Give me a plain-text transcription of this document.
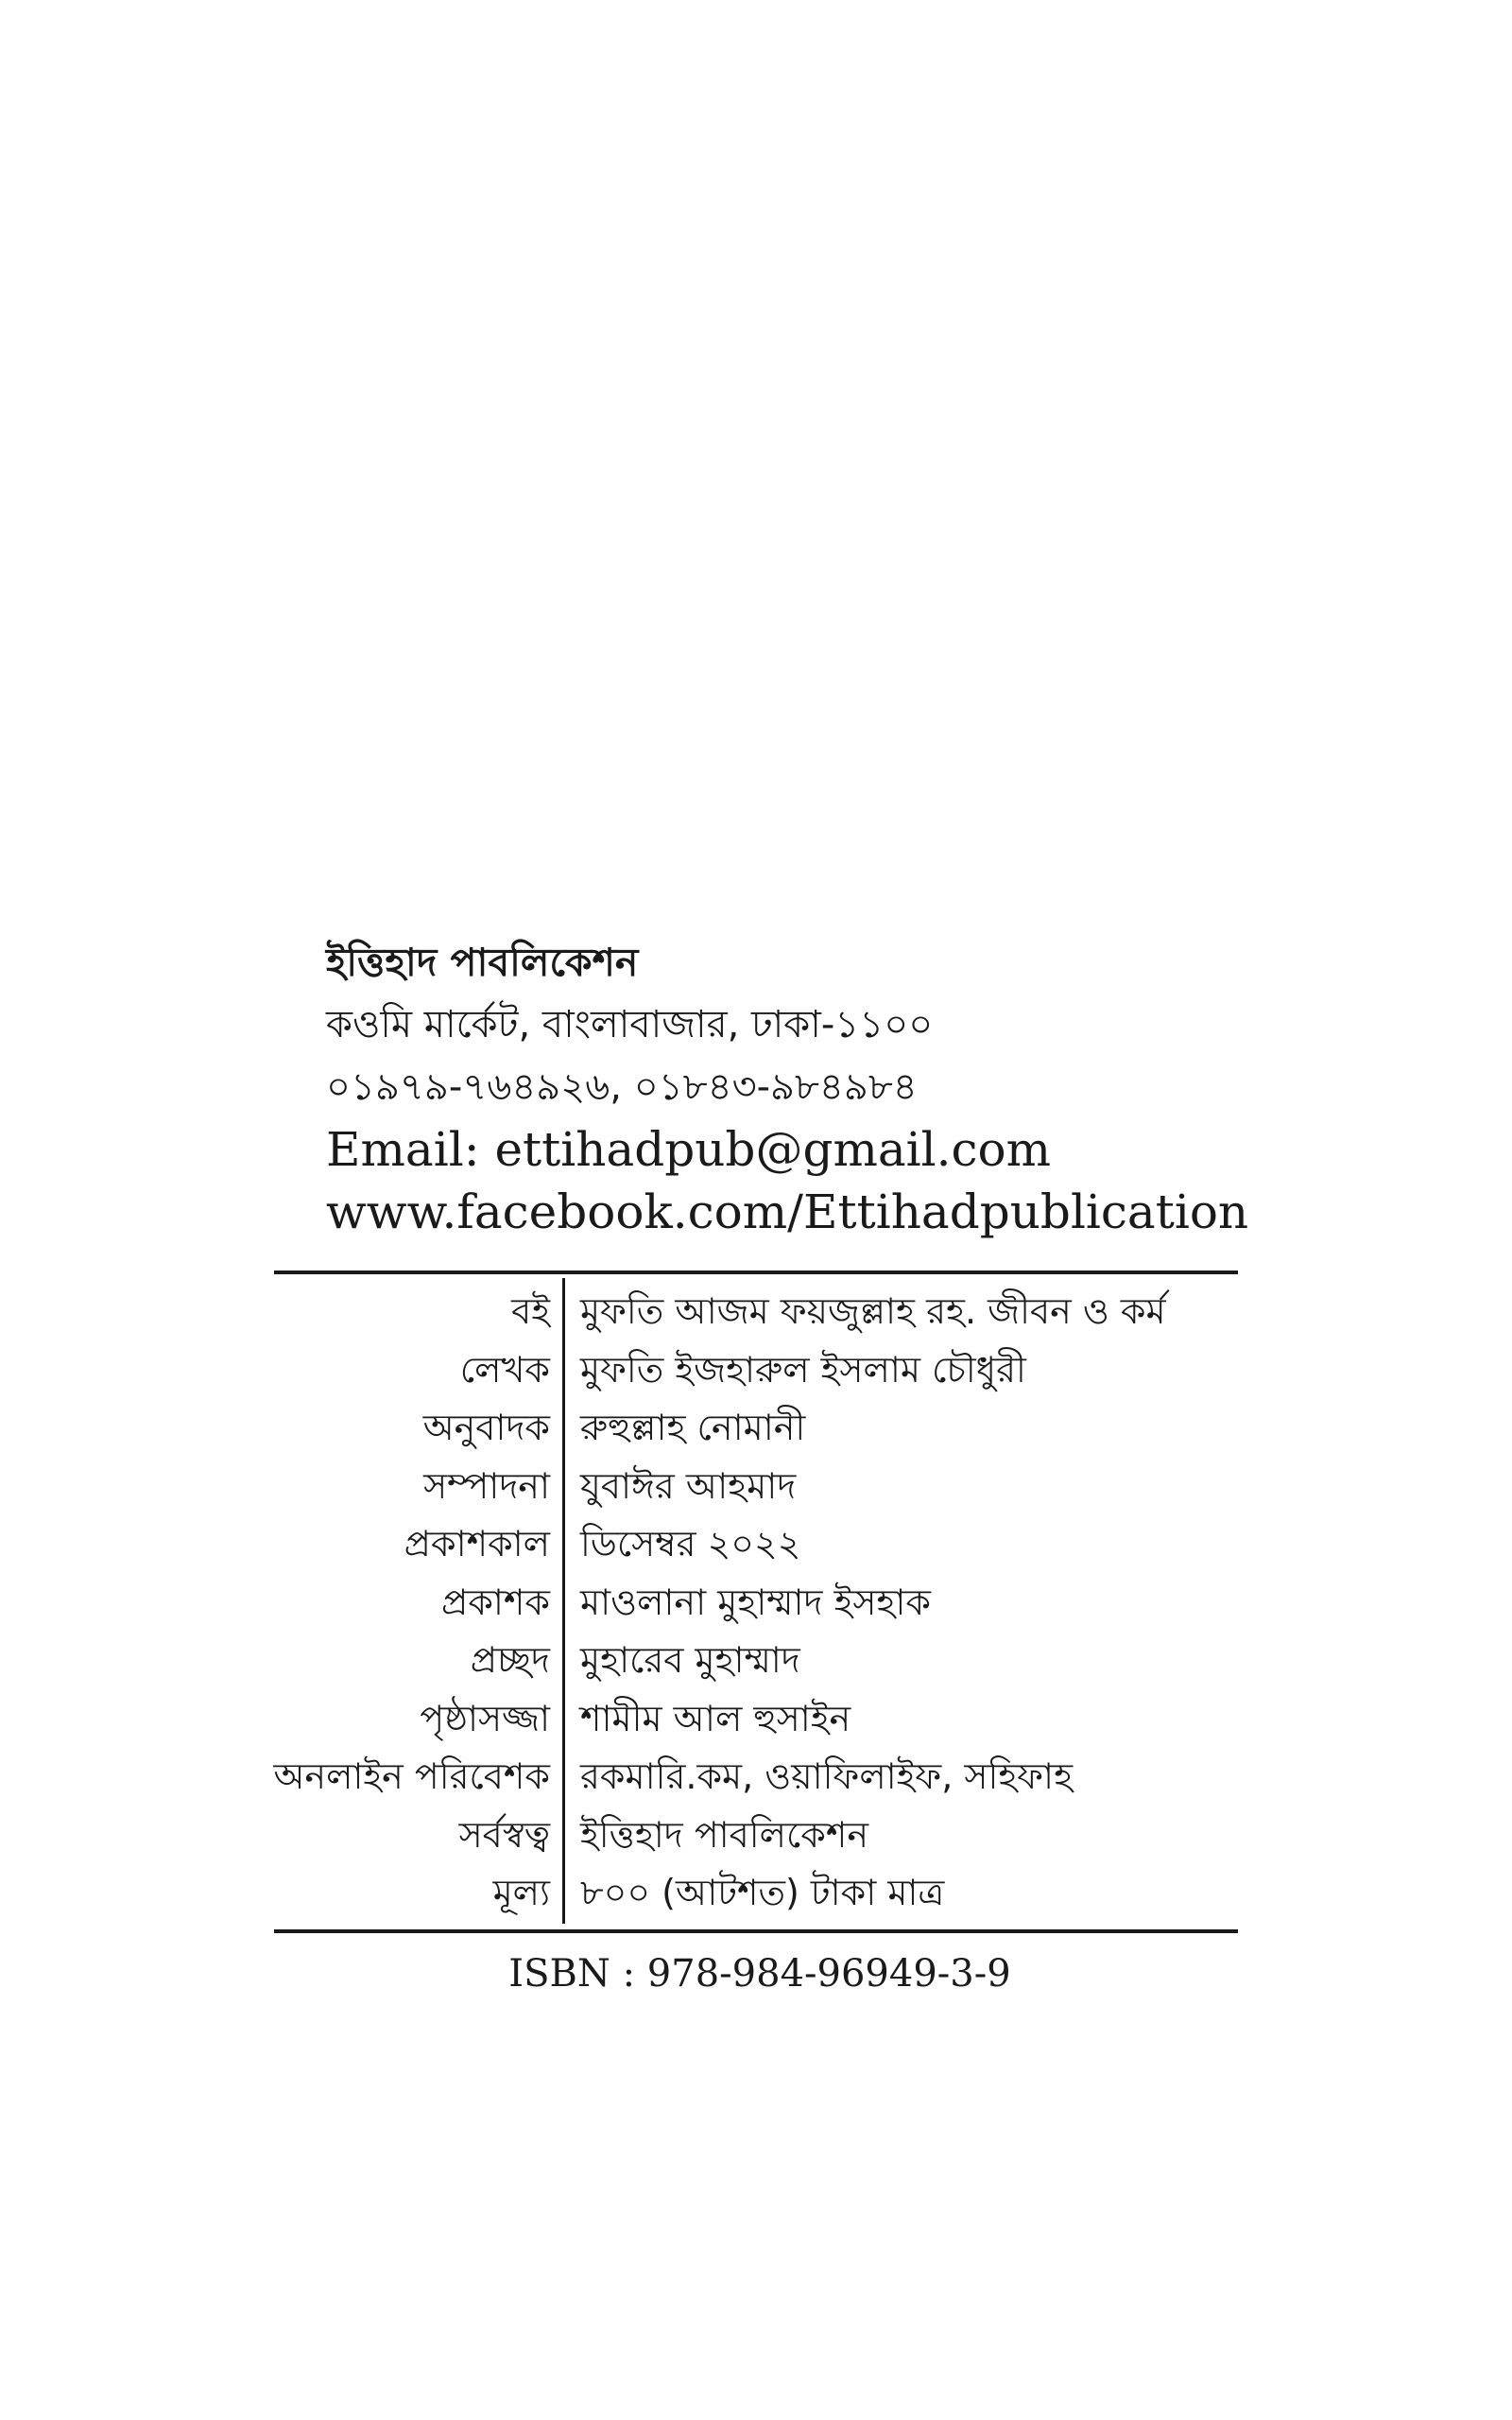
ইত্তিহাদ পাবলিকেশন
কওমি মার্কেট, বাংলাবাজার, ঢাকা-১১০০
০১৯৭৯-৭৬৪৯২৬, ০১৮৪৩-৯৮৪৯৮৪
Email: ettihadpub@gmail.com
www.facebook.com/Ettihadpublication
বই মুফতি আজম ফয়জুল্লাহ রহ. জীবন ও কর্ম
লেখক মুফতি ইজহারুল ইসলাম চৌধুরী
অনুবাদক রুহুল্লাহ নোমানী
সম্পাদনা যুবাঈর আহমাদ
প্রকাশকাল ডিসেম্বর ২০২২
প্রকাশক মাওলানা মুহাম্মাদ ইসহাক
প্রচ্ছদ মুহারেব মুহাম্মাদ
পৃষ্ঠাসজ্জা শামীম আল হুসাইন
অনলাইন পরিবেশক রকমারি.কম, ওয়াফিলাইফ, সহিফাহ
সর্বস্বত্ব ইত্তিহাদ পাবলিকেশন
মূল্য ৮০০ (আটশত) টাকা মাত্র
ISBN : 978-984-96949-3-9
